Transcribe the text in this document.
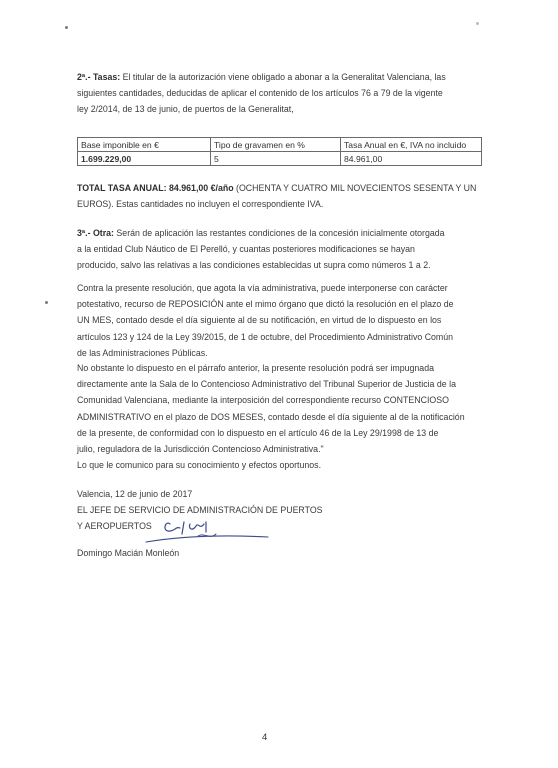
2ª.- Tasas: El titular de la autorización viene obligado a abonar a la Generalitat Valenciana, las
siguientes cantidades, deducidas de aplicar el contenido de los artículos 76 a 79 de la vigente
ley 2/2014, de 13 de junio, de puertos de la Generalitat,
Base imponible en €	Tipo de gravamen en %	Tasa Anual en €, IVA no incluido
1.699.229,00	5	84.961,00
TOTAL TASA ANUAL: 84.961,00 €/año (OCHENTA Y CUATRO MIL NOVECIENTOS SESENTA Y UN
EUROS). Estas cantidades no incluyen el correspondiente IVA.
3ª.- Otra: Serán de aplicación las restantes condiciones de la concesión inicialmente otorgada
a la entidad Club Náutico de El Perelló, y cuantas posteriores modificaciones se hayan
producido, salvo las relativas a las condiciones establecidas ut supra como números 1 a 2.
Contra la presente resolución, que agota la vía administrativa, puede interponerse con carácter
potestativo, recurso de REPOSICIÓN ante el mimo órgano que dictó la resolución en el plazo de
UN MES, contado desde el día siguiente al de su notificación, en virtud de lo dispuesto en los
artículos 123 y 124 de la Ley 39/2015, de 1 de octubre, del Procedimiento Administrativo Común
de las Administraciones Públicas.
No obstante lo dispuesto en el párrafo anterior, la presente resolución podrá ser impugnada
directamente ante la Sala de lo Contencioso Administrativo del Tribunal Superior de Justicia de la
Comunidad Valenciana, mediante la interposición del correspondiente recurso CONTENCIOSO
ADMINISTRATIVO en el plazo de DOS MESES, contado desde el día siguiente al de la notificación
de la presente, de conformidad con lo dispuesto en el artículo 46 de la Ley 29/1998 de 13 de
julio, reguladora de la Jurisdicción Contencioso Administrativa."
Lo que le comunico para su conocimiento y efectos oportunos.
Valencia, 12 de junio de 2017
EL JEFE DE SERVICIO DE ADMINISTRACIÓN DE PUERTOS
Y AEROPUERTOS
Domingo Macián Monleón
4
